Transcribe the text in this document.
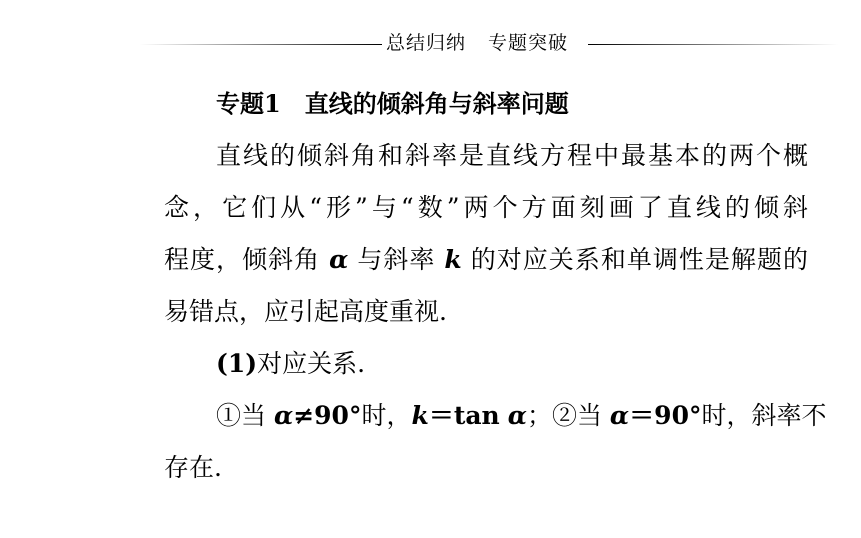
总结归纳 专题突破
专题1 直线的倾斜角与斜率问题
直线的倾斜角和斜率是直线方程中最基本的两个概
念，它们从“形”与“数”两个方面刻画了直线的倾斜
程度，倾斜角 α 与斜率 k 的对应关系和单调性是解题的
易错点，应引起高度重视.
(1)对应关系.
①当 α≠90°时，k＝tan α；②当 α＝90°时，斜率不
存在.
